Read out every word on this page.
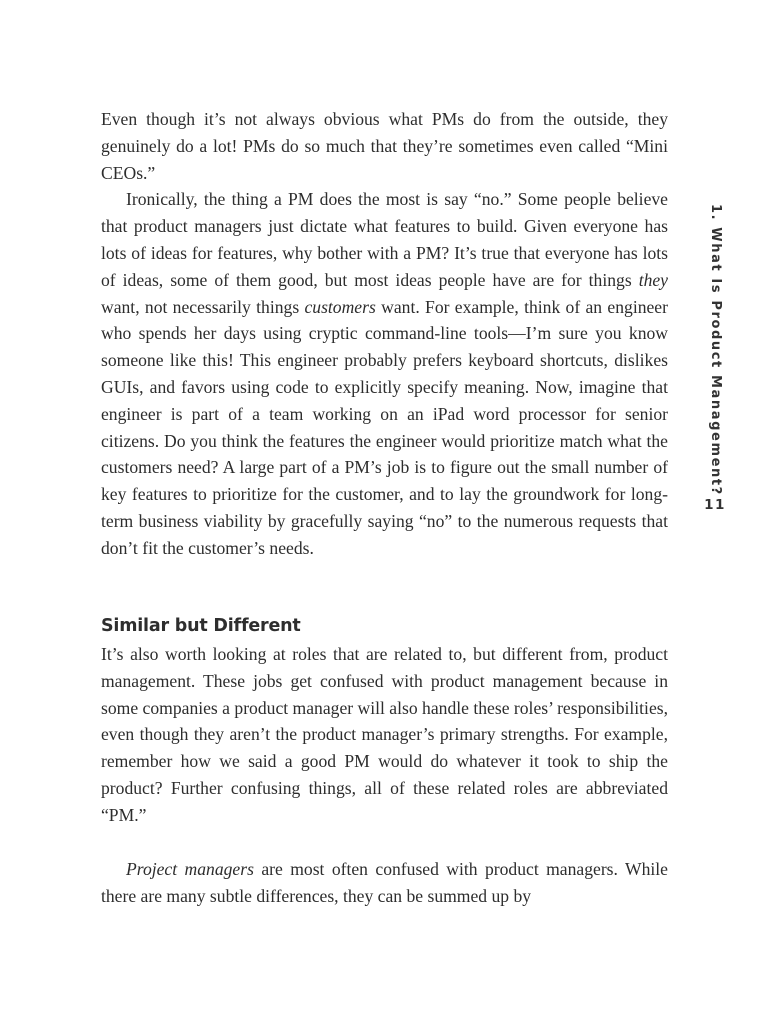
1. What Is Product Management?
11

Even though it’s not always obvious what PMs do from the outside, they genuinely do a lot! PMs do so much that they’re sometimes even called “Mini CEOs.”

Ironically, the thing a PM does the most is say “no.” Some people believe that product managers just dictate what features to build. Given everyone has lots of ideas for features, why bother with a PM? It’s true that everyone has lots of ideas, some of them good, but most ideas people have are for things they want, not necessarily things customers want. For example, think of an engineer who spends her days using cryptic command-line tools—I’m sure you know someone like this! This engineer probably prefers keyboard shortcuts, dislikes GUIs, and favors using code to explicitly specify meaning. Now, imagine that engineer is part of a team working on an iPad word processor for senior citizens. Do you think the features the engineer would prioritize match what the customers need? A large part of a PM’s job is to figure out the small number of key features to prioritize for the customer, and to lay the groundwork for long-term business viability by gracefully saying “no” to the numerous requests that don’t fit the customer’s needs.

Similar but Different

It’s also worth looking at roles that are related to, but different from, product management. These jobs get confused with product management because in some companies a product manager will also handle these roles’ responsibilities, even though they aren’t the product manager’s primary strengths. For example, remember how we said a good PM would do whatever it took to ship the product? Further confusing things, all of these related roles are abbreviated “PM.”

Project managers are most often confused with product managers. While there are many subtle differences, they can be summed up by
